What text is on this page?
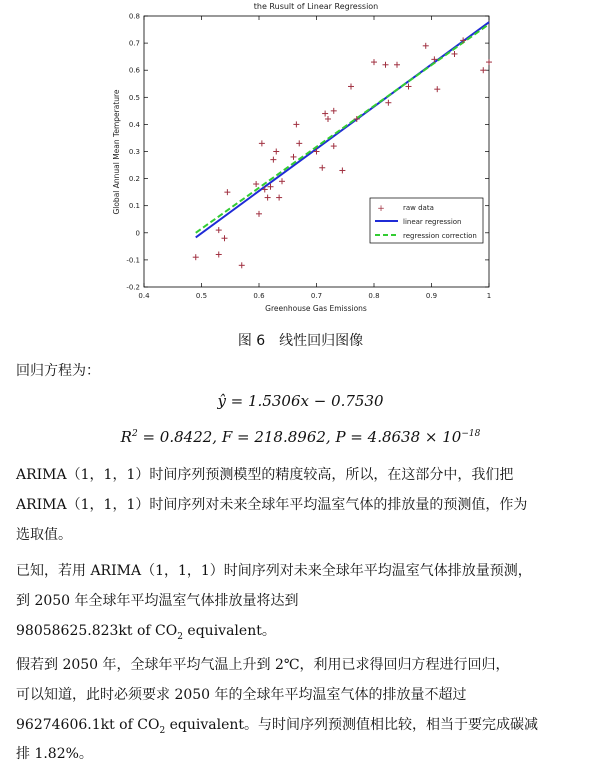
the Rusult of Linear Regression
-0.2
-0.1
0
0.1
0.2
0.3
0.4
0.5
0.6
0.7
0.8
0.4	0.5	0.6	0.7	0.8	0.9	1
Greenhouse Gas Emissions
Global Annual Mean Temperature	+	raw data
linear regression
regression correction
图 6　线性回归图像
回归方程为：
ŷ = 1.5306x − 0.7530
$R^2 = 0.8422$, F = 218.8962, $P = 4.8638 \times 10^{-18}$
ARIMA（1，1，1）时间序列预测模型的精度较高，所以，在这部分中，我们把
ARIMA（1，1，1）时间序列对未来全球年平均温室气体的排放量的预测值，作为
选取值。
已知，若用 ARIMA（1，1，1）时间序列对未来全球年平均温室气体排放量预测，
到 2050 年全球年平均温室气体排放量将达到
98058625.823kt of $CO_2$ equivalent。
假若到 2050 年，全球年平均气温上升到 2℃，利用已求得回归方程进行回归，
可以知道，此时必须要求 2050 年的全球年平均温室气体的排放量不超过
96274606.1kt of $CO_2$ equivalent。与时间序列预测值相比较，相当于要完成碳减
排 1.82%。
